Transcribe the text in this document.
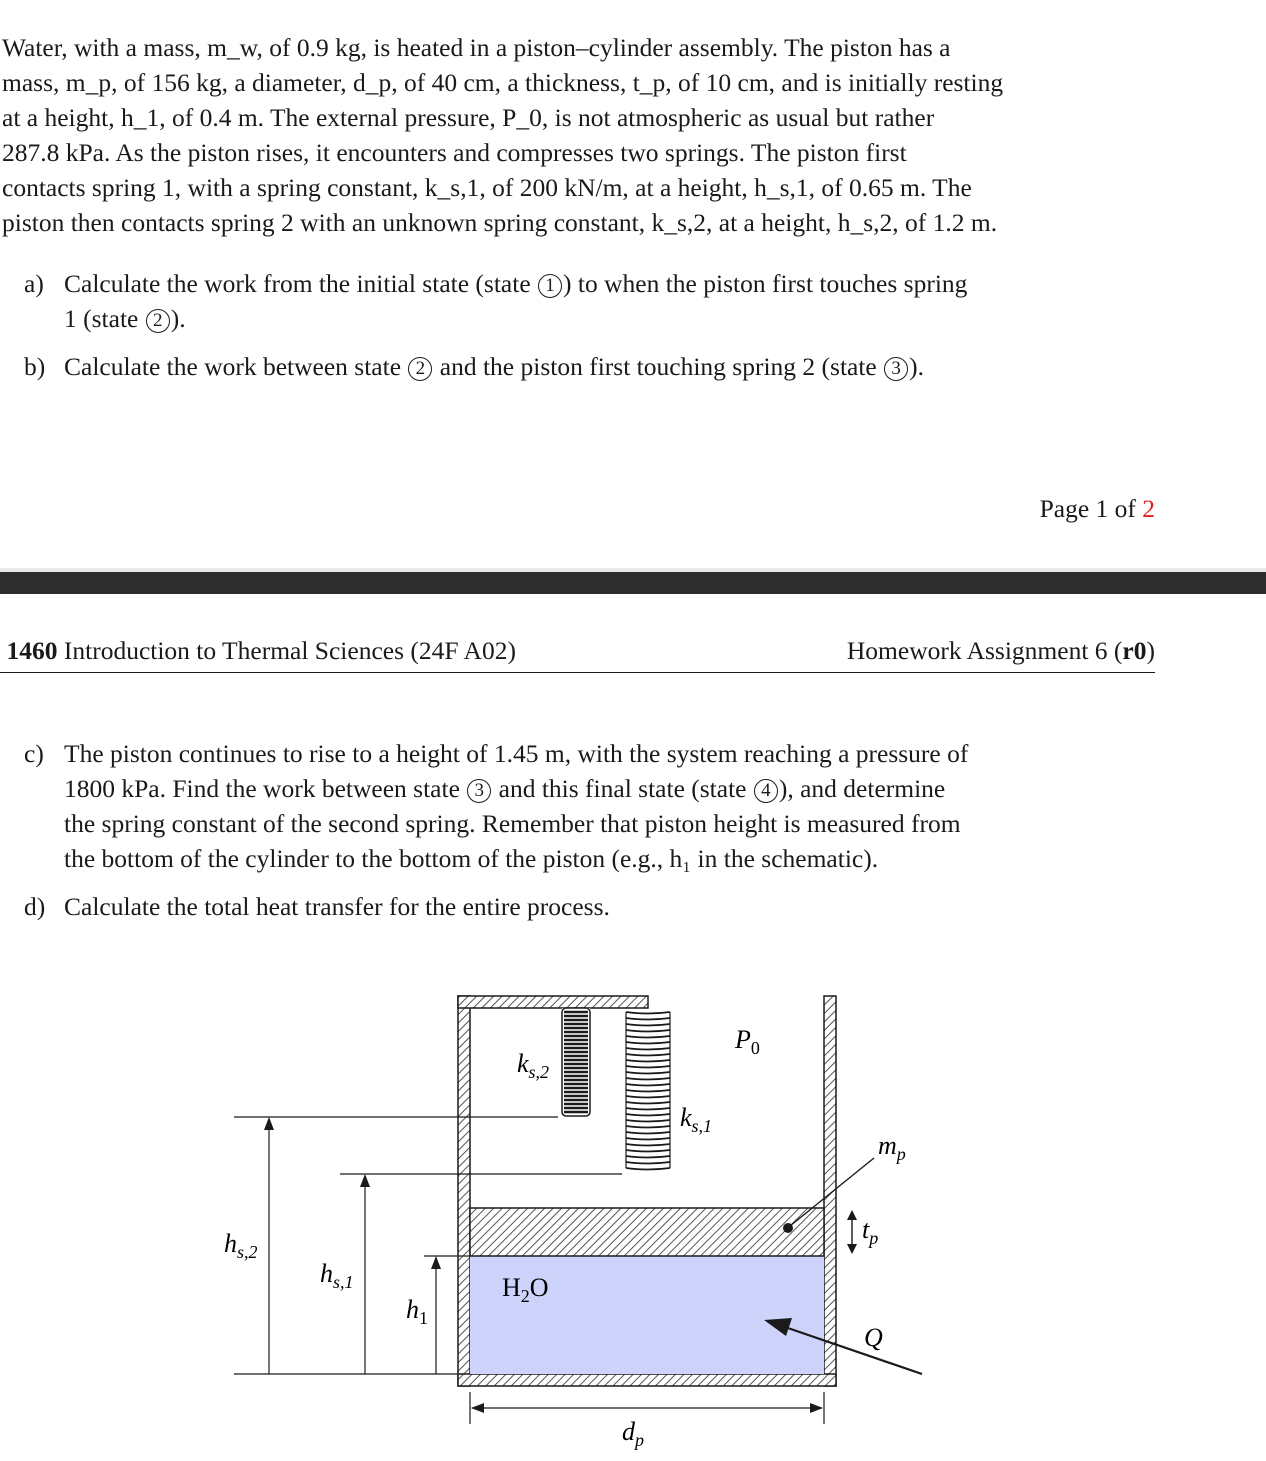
Water, with a mass, m_w, of 0.9 kg, is heated in a piston–cylinder assembly. The piston has a
mass, m_p, of 156 kg, a diameter, d_p, of 40 cm, a thickness, t_p, of 10 cm, and is initially resting
at a height, h_1, of 0.4 m. The external pressure, P_0, is not atmospheric as usual but rather
287.8 kPa. As the piston rises, it encounters and compresses two springs. The piston first
contacts spring 1, with a spring constant, k_s,1, of 200 kN/m, at a height, h_s,1, of 0.65 m. The
piston then contacts spring 2 with an unknown spring constant, k_s,2, at a height, h_s,2, of 1.2 m.
a) Calculate the work from the initial state (state 1 ) to when the piston first touches spring
1 (state 2 ).
b) Calculate the work between state 2 and the piston first touching spring 2 (state 3 ).
Page 1 of 2
1460 Introduction to Thermal Sciences (24F A02)	Homework Assignment 6 (r0)
c) The piston continues to rise to a height of 1.45 m, with the system reaching a pressure of
1800 kPa. Find the work between state 3 and this final state (state 4 ), and determine
the spring constant of the second spring. Remember that piston height is measured from
the bottom of the cylinder to the bottom of the piston (e.g., h₁ in the schematic).
d) Calculate the total heat transfer for the entire process.
$k_{s,2}$
$k_{s,1}$
$P_0$
$m_p$
$t_p$
Q
$H_2O$
$h_{s,2}$
$h_{s,1}$
$h_1$
$d_p$
